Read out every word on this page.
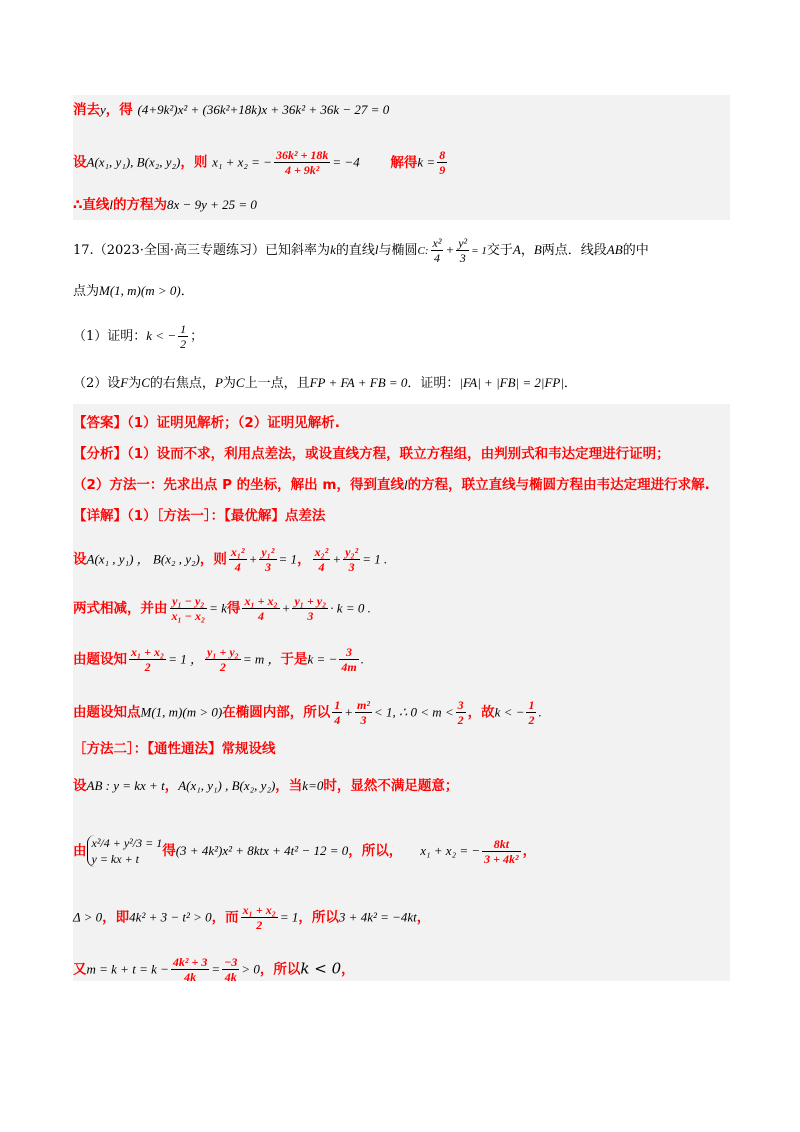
消去y，得 (4+9k²)x² + (36k²+18k)x + 36k² + 36k − 27 = 0
设A(x₁, y₁), B(x₂, y₂)，则 x₁ + x₂ = − $\frac{\text{36k² + 18k}}{\text{4 + 9k²}} = -4$ 解得$k = \frac{8}{9}$
∴直线l的方程为8x − 9y + 25 = 0
17.（2023·全国·高三专题练习）已知斜率为k的直线l与椭圆C: $\frac{\text{x²}}{4} + \frac{\text{y²}}{3} = 1$交于A，B两点．线段AB的中
点为M(1, m)(m > 0)．
（1）证明：k < − $\frac{1}{2}$ ；
（2）设F为C的右焦点，P为C上一点，且FP + FA + FB = 0．证明：|FA| + |FB| = 2|FP|．
【答案】（1）证明见解析；（2）证明见解析.
【分析】（1）设而不求，利用点差法，或设直线方程，联立方程组，由判别式和韦达定理进行证明；
（2）方法一：先求出点 P 的坐标，解出 m，得到直线l的方程，联立直线与椭圆方程由韦达定理进行求解.
【详解】（1）［方法一］：【最优解】点差法
设A(x₁ , y₁) ， B(x₂ , y₂)，则 $\frac{\text{x₁²}}{4} + \frac{\text{y₁²}}{3} = 1$， $\frac{\text{x₂²}}{4} + \frac{\text{y₂²}}{3} = 1$ .
两式相减，并由 $\frac{\text{y₁ − y₂}}{\text{x₁ − x₂}} = k$得 $\frac{\text{x₁ + x₂}}{4} + \frac{\text{y₁ + y₂}}{3} \cdot k = 0$ .
由题设知 $\frac{\text{x₁ + x₂}}{2} = 1$ ， $\frac{\text{y₁ + y₂}}{2} = m$ ，于是k = − $\frac{3}{4m}$ .
由题设知点M(1, m)(m > 0)在椭圆内部，所以 $\frac{1}{4} + \frac{\text{m²}}{3} < 1$, ∴ $0 < m < \frac{3}{2}$ ，故k < − $\frac{1}{2}$ .
［方法二］：【通性通法】常规设线
设AB : y = kx + t，A(x₁, y₁) , B(x₂, y₂)，当k=0时，显然不满足题意；
由 x²/4 + y²/3 = 1
y = kx + t	得(3 + 4k²)x² + 8ktx + 4t² − 12 = 0，所以， x₁ + x₂ = − $\frac{8kt}{\text{3 + 4k²}}$ ，
Δ > 0，即4k² + 3 − t² > 0，而 $\frac{\text{x₁ + x₂}}{2} = 1$，所以3 + 4k² = −4kt，
又$m = k + t = k - \frac{\text{4k² + 3}}{4k} = \frac{-3}{4k} > 0$，所以k < 0，
